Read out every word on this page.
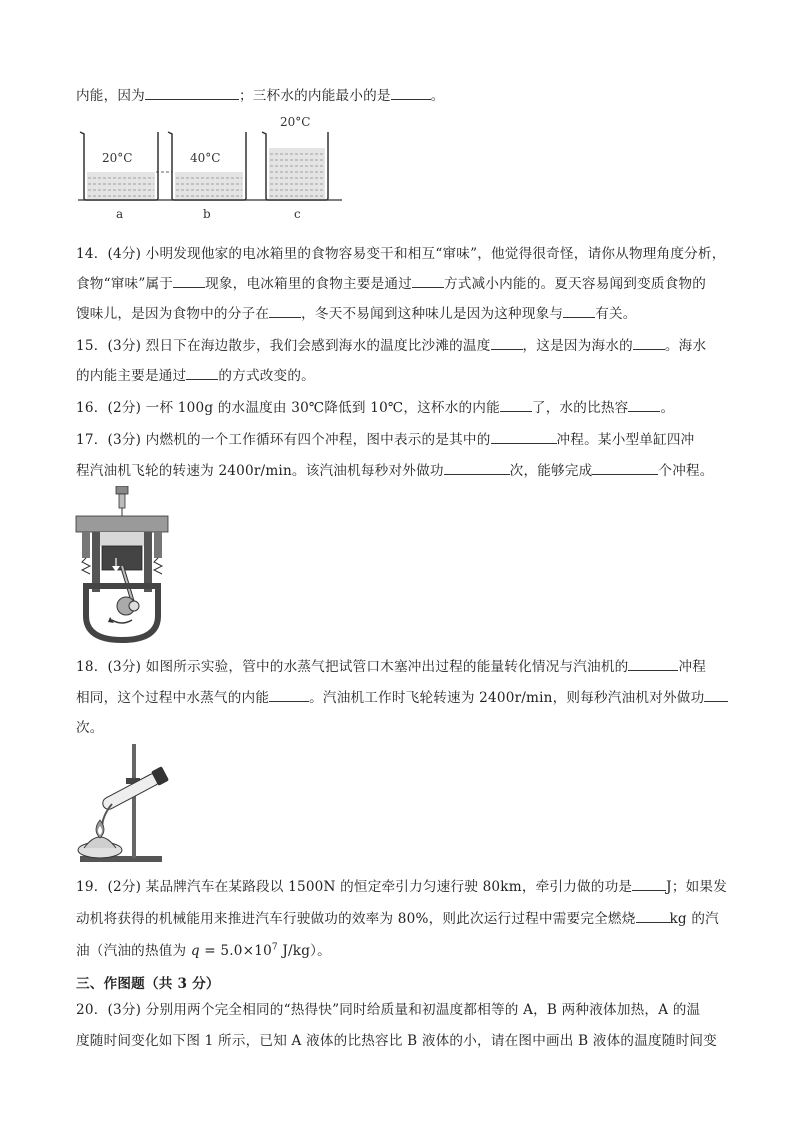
内能，因为	；三杯水的内能最小的是	。
20°C
a
40°C
b
20°C
c
14．(4分) 小明发现他家的电冰箱里的食物容易变干和相互“窜味”，他觉得很奇怪，请你从物理角度分析，
食物“窜味”属于 现象，电冰箱里的食物主要是通过 方式减小内能的。夏天容易闻到变质食物的
馊味儿，是因为食物中的分子在 ，冬天不易闻到这种味儿是因为这种现象与 有关。
15．(3分) 烈日下在海边散步，我们会感到海水的温度比沙滩的温度 ，这是因为海水的 。海水
的内能主要是通过 的方式改变的。
16．(2分) 一杯 100g 的水温度由 30℃降低到 10℃，这杯水的内能 了，水的比热容 。
17．(3分) 内燃机的一个工作循环有四个冲程，图中表示的是其中的	冲程。某小型单缸四冲
程汽油机飞轮的转速为 2400r/min。该汽油机每秒对外做功	次，能够完成	个冲程。
18．(3分) 如图所示实验，管中的水蒸气把试管口木塞冲出过程的能量转化情况与汽油机的	冲程
相同，这个过程中水蒸气的内能	。汽油机工作时飞轮转速为 2400r/min，则每秒汽油机对外做功
次。
19．(2分) 某品牌汽车在某路段以 1500N 的恒定牵引力匀速行驶 80km，牵引力做的功是	J；如果发
动机将获得的机械能用来推进汽车行驶做功的效率为 80%，则此次运行过程中需要完全燃烧	kg 的汽
油（汽油的热值为 $q = 5.0\times 10^7$ J/kg）。
三、作图题（共 3 分）
20．(3分) 分别用两个完全相同的“热得快”同时给质量和初温度都相等的 A，B 两种液体加热，A 的温
度随时间变化如下图 1 所示，已知 A 液体的比热容比 B 液体的小，请在图中画出 B 液体的温度随时间变
